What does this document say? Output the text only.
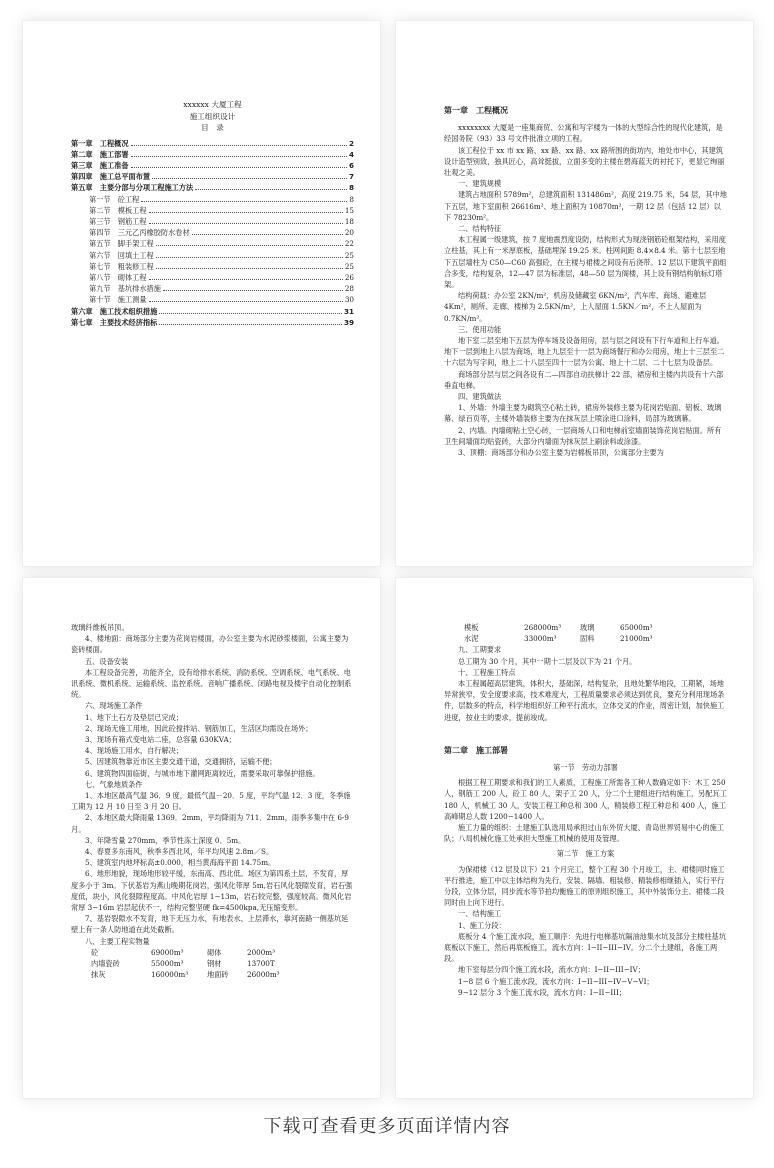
xxxxxx 大厦工程
施工组织设计
目　录
第一章　工程概况	2
第二章　施工部署	4
第三章　施工准备	6
第四章　施工总平面布置	7
第五章　主要分部与分项工程施工方法	8
第一节　砼工程	8
第二节　模板工程	15
第三节　钢筋工程	18
第四节　三元乙丙橡胶防水卷材	20
第五节　脚手架工程	22
第六节　回填土工程	25
第七节　粗装修工程	25
第八节　砌体工程	26
第九节　基坑排水措施	28
第十节　施工测量	30
第六章　施工技术组织措施	31
第七章　主要技术经济指标	39
第一章　工程概况

xxxxxxxx 大厦是一座集商贸、公寓和写字楼为一体的大型综合性的现代化建筑，是经国务院（93）33 号文件批准立项的工程。

该工程位于 xx 市 xx 路、xx 路、xx 路、xx 路所围的街坊内，地处市中心，其建筑设计造型别致，独具匠心，高耸挺拔，立面多变的主楼在碧海蓝天的衬托下，更显它绚丽壮观之美。

一、建筑规模

建筑占地面积 5789m²，总建筑面积 131486m²，高度 219.75 米，54 层，其中地下五层，地下室面积 26616m²、地上面积为 10870m²，一期 12 层（包括 12 层）以下 78230m²。

二、结构特征

本工程属一级建筑，按 7 度地震烈度设防，结构形式为现浇钢筋砼框架结构，采用度立柱基，其上有一米厚底板，基础埋深 19.25 米。柱网间距 8.4×8.4 米。第十七层至地下五层墙柱为 C50—C60 高强砼，在主楼与裙楼之间设有后浇带。12 层以下建筑平面组合多变，结构复杂，12—47 层为标准层，48—50 层为阁楼，其上设有钢结构航标灯塔架。

结构荷载：办公室 2KN/m²，机房及储藏室 6KN/m²，汽车库、商场、避难层 4Km²，厕所、走廊、楼梯为 2.5KN/m²，上人屋面 1.5KN／m²，不上人屋面为 0.7KN/m²。

三、使用功能

地下室二层至地下五层为停车场及设备用房，层与层之间设有下行车道和上行车道。地下一层到地上八层为商场，地上九层至十一层为商场餐厅和办公用房，地上十三层至二十六层为写字间，地上二十八层至四十一层为公寓、地上十二层、二十七层为设备层。

商场部分层与层之间各设有二—四部自动扶梯计 22 部，裙房和主楼内共设有十六部垂直电梯。

四、建筑做法

1、外墙：外墙主要为砌筑空心粘土砖，裙房外装修主要为花岗岩贴面、铝板、玻璃幕、绿百页等，主楼外墙装修主要为在抹灰层上喷涂进口涂料，局部为玻璃幕。

2、内墙。内墙砌粘土空心砖，一层商场人口和电梯前室墙面装饰花岗岩贴面。所有卫生间墙面均贴瓷砖，大部分内墙面为抹灰层上刷涂料或涂漆。

3、顶棚：商场部分和办公室主要为岩棉板吊顶，公寓部分主要为

玻璃纤维板吊顶。

4、楼地面：商场部分主要为花岗岩楼面，办公室主要为水泥砂浆楼面，公寓主要为瓷砖楼面。

五、设备安装

本工程设备完善，功能齐全，设有给排水系统、消防系统、空调系统、电气系统、电讯系统、微机系统、运输系统、监控系统、音响广播系统、闭路电视及楼宇自动化控制系统。

六、现场施工条件

1、地下土石方及垫层已完成；

2、现场无施工用地，因此砼搅拌站、钢筋加工，生活区均需设在场外；

3、现场有箱式变电站二座，总容量 630KVA；

4、现场施工用水，自行解决；

5、因建筑物靠近市区主要交通干道，交通拥挤，运输不便；

6、建筑物四面临街，与城市地下灌网距离较近，需要采取可靠保护措施。

七、气象地质条件

1、本地区最高气温 36．9 度，最低气温－20．5 度，平均气温 12．3 度，冬季施工期为 12 月 10 日至 3 月 20 日。

2、本地区最大降雨量 1369．2mm，平均降雨为 711．2mm，雨季多集中在 6-9 月。

3、年降雪量 270mm，季节性冻土深度 0．5m。

4、春夏多东南风，秋季多西北风，年平均风速 2.8m／S。

5、建筑室内地坪标高±0.000，相当黄海海平面 14.75m。

6、地形地貌，现场地形较平缓，东南高、西北低。场区为第四系土层，不发育，厚度多小于 3m。下伏基岩为燕山晚期花岗岩，强风化带厚 5m,岩石风化裂隙发育，岩石强度低，块小，风化裂隙程度高。中风化岩厚 1−13m，岩石较完整，强度较高。微风化岩常厚 3−16m 岩层起伏不一，结构完整坚硬 fk=4500kpa,无压缩变形。

7、基岩裂隙水不发育，地下无压力水，有地表水、上层滞水，靠河南路一侧基坑延壁上有一条人防地道在此处截断。

八、主要工程实物量

砼	69000m³	砌体	2000m³
内墙瓷砖	55000m³	钢材	13700T
抹灰	160000m³	地面砖	26000m³
模板	268000m³	玻璃	65000m³
水泥	33000m³	固料	21000m³

九、工期要求

总工期为 30 个月，其中一期十二层及以下为 21 个月。

十、工程施工特点

本工程属超高层建筑，体积大，基础深，结构复杂，且地处繁华地段，工期紧，场地异常狭窄，安全度要求高，技术难度大，工程质量要求必须达到优良，要充分利用现场条件，层数多的特点，科学地组织好工种平行流水，立体交叉的作业，周密计划，加快施工进度，按业主的要求，提前竣成。

第二章　施工部署
第一节　劳动力部署

根据工程工期要求和我们的工人素质，工程施工所需各工种人数确定如下：木工 250 人，钢筋工 200 人，砼工 80 人，架子工 20 人，分二个土建组进行结构施工，另配瓦工 180 人，机械工 30 人，安装工程工种总和 300 人，精装修工程工种总和 400 人，施工高峰期总人数 1200−1400 人。

施工力量的组织：土建施工队选用局承担过山东外贸大厦、青岛世界贸易中心的施工队；八局机械化施工处承担大型施工机械的使用及管理。

第二节　施工方案

为保裙楼（12 层及以下）21 个月完工，整个工程 30 个月竣工，主、裙楼同时施工平行推进，施工中以主体结构为先行，安装、隔墙、粗装修、精装修相继插入，实行平行分段，立体分层，同步流水等节拍均衡施工的原则组织施工，其中外装饰分主、裙楼二段同时由上向下进行。

一、结构施工

1、施工分段：

底板分 4 个施工流水段，施工顺序：先进行电梯基坑隔油池集水坑及部分主楼柱基坑底板以下施工，然后再底板施工，流水方向：I−II−III−IV。分二个土建组，各施工两段。

地下室每层分四个施工流水段，流水方向：I−II−III−IV；

1−8 层 6 个施工流水段，流水方向：I−II−III−IV−V−VI；

9−12 层分 3 个施工流水段，流水方向：I−II−III；

下载可查看更多页面详情内容
